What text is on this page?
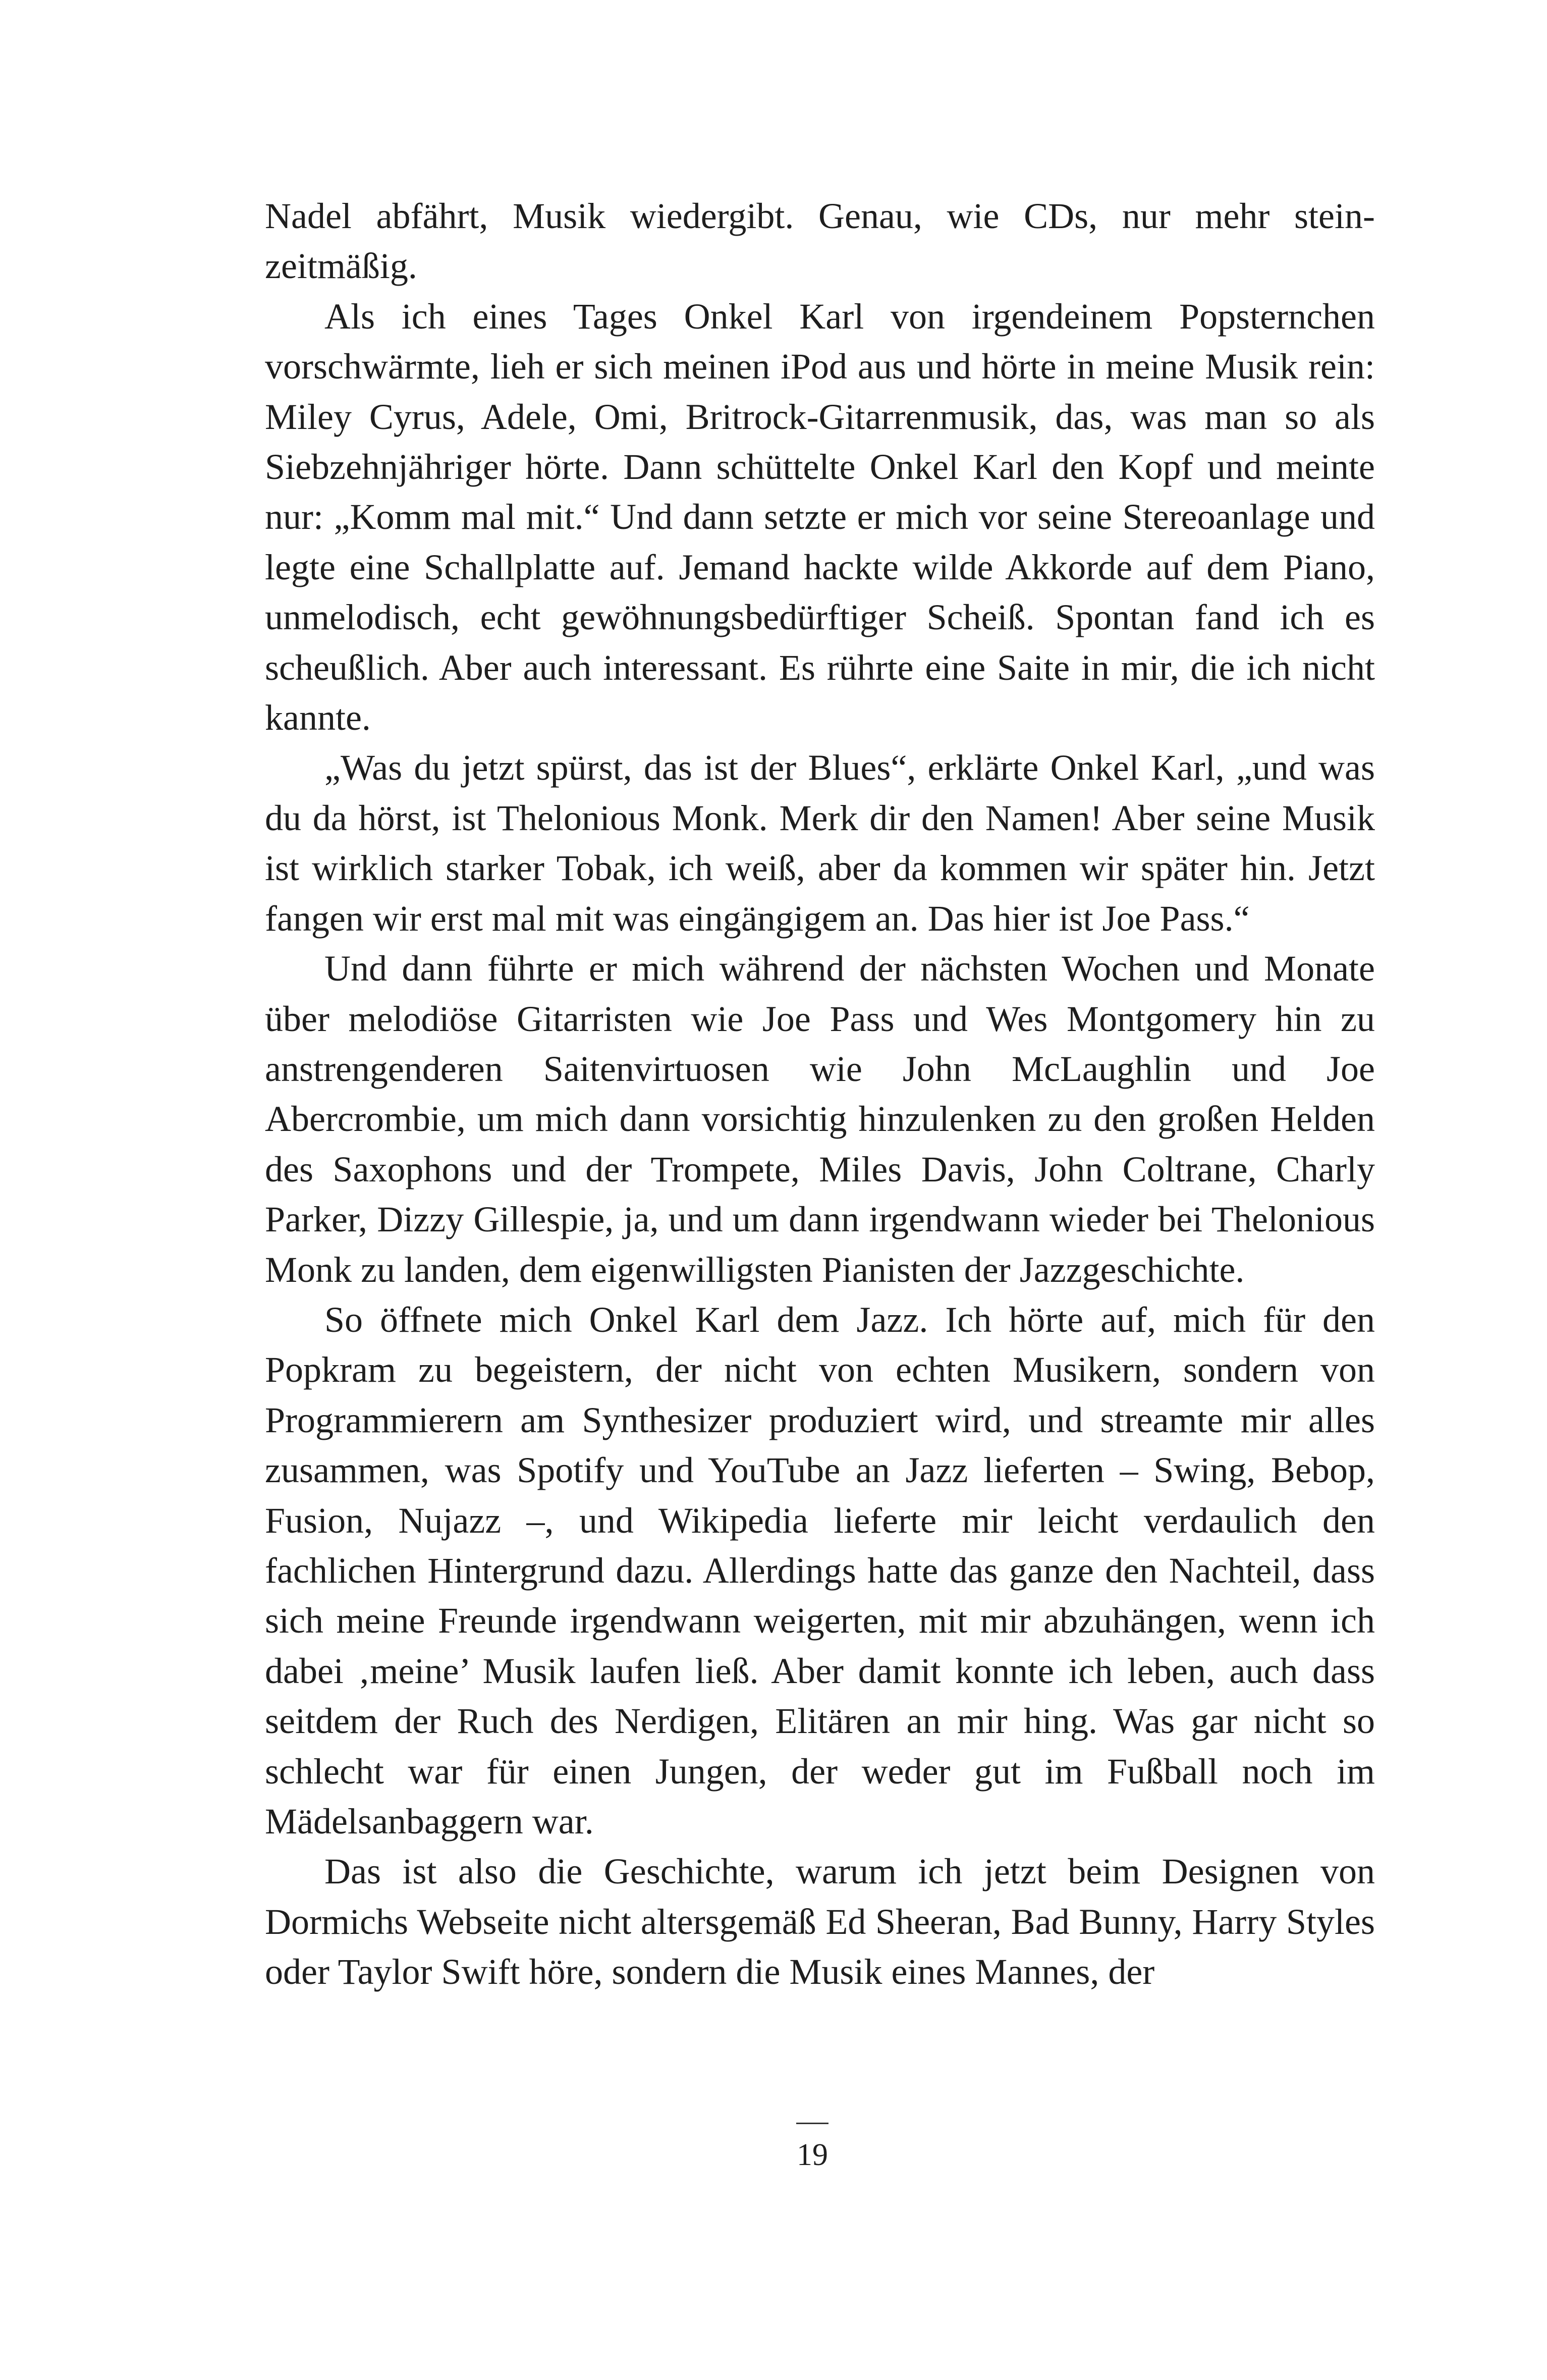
Nadel abfährt, Musik wiedergibt. Genau, wie CDs, nur mehr steinzeitmäßig.

Als ich eines Tages Onkel Karl von irgendeinem Popsternchen vorschwärmte, lieh er sich meinen iPod aus und hörte in meine Musik rein: Miley Cyrus, Adele, Omi, Britrock-Gitarrenmusik, das, was man so als Siebzehnjähriger hörte. Dann schüttelte Onkel Karl den Kopf und meinte nur: „Komm mal mit.“ Und dann setzte er mich vor seine Stereoanlage und legte eine Schallplatte auf. Jemand hackte wilde Akkorde auf dem Piano, unmelodisch, echt gewöhnungsbedürftiger Scheiß. Spontan fand ich es scheußlich. Aber auch interessant. Es rührte eine Saite in mir, die ich nicht kannte.

„Was du jetzt spürst, das ist der Blues“, erklärte Onkel Karl, „und was du da hörst, ist Thelonious Monk. Merk dir den Namen! Aber seine Musik ist wirklich starker Tobak, ich weiß, aber da kommen wir später hin. Jetzt fangen wir erst mal mit was eingängigem an. Das hier ist Joe Pass.“

Und dann führte er mich während der nächsten Wochen und Monate über melodiöse Gitarristen wie Joe Pass und Wes Montgomery hin zu anstrengenderen Saitenvirtuosen wie John McLaughlin und Joe Abercrombie, um mich dann vorsichtig hinzulenken zu den großen Helden des Saxophons und der Trompete, Miles Davis, John Coltrane, Charly Parker, Dizzy Gillespie, ja, und um dann irgendwann wieder bei Thelonious Monk zu landen, dem eigenwilligsten Pianisten der Jazzgeschichte.

So öffnete mich Onkel Karl dem Jazz. Ich hörte auf, mich für den Popkram zu begeistern, der nicht von echten Musikern, sondern von Programmierern am Synthesizer produziert wird, und streamte mir alles zusammen, was Spotify und YouTube an Jazz lieferten – Swing, Bebop, Fusion, Nujazz –, und Wikipedia lieferte mir leicht verdaulich den fachlichen Hintergrund dazu. Allerdings hatte das ganze den Nachteil, dass sich meine Freunde irgendwann weigerten, mit mir abzuhängen, wenn ich dabei ‚meine’ Musik laufen ließ. Aber damit konnte ich leben, auch dass seitdem der Ruch des Nerdigen, Elitären an mir hing. Was gar nicht so schlecht war für einen Jungen, der weder gut im Fußball noch im Mädelsanbaggern war.

Das ist also die Geschichte, warum ich jetzt beim Designen von Dormichs Webseite nicht altersgemäß Ed Sheeran, Bad Bunny, Harry Styles oder Taylor Swift höre, sondern die Musik eines Mannes, der

19
